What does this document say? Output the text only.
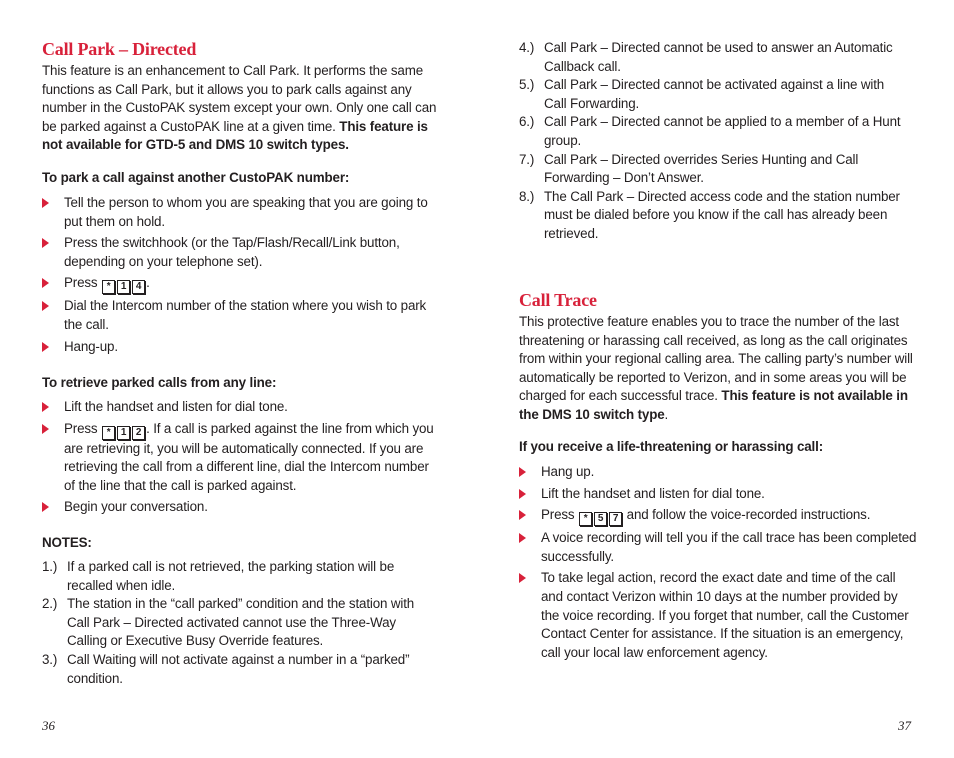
Call Park – Directed

This feature is an enhancement to Call Park. It performs the same functions as Call Park, but it allows you to park calls against any number in the CustoPAK system except your own. Only one call can be parked against a CustoPAK line at a given time. This feature is not available for GTD-5 and DMS 10 switch types.

To park a call against another CustoPAK number:

Tell the person to whom you are speaking that you are going to put them on hold.
Press the switchhook (or the Tap/Flash/Recall/Link button, depending on your telephone set).
Press * 1 4 .
Dial the Intercom number of the station where you wish to park the call.
Hang-up.

To retrieve parked calls from any line:

Lift the handset and listen for dial tone.
Press * 1 2 . If a call is parked against the line from which you are retrieving it, you will be automatically connected. If you are retrieving the call from a different line, dial the Intercom number of the line that the call is parked against.
Begin your conversation.

NOTES:

1.) If a parked call is not retrieved, the parking station will be recalled when idle.
2.) The station in the “call parked” condition and the station with Call Park – Directed activated cannot use the Three-Way Calling or Executive Busy Override features.
3.) Call Waiting will not activate against a number in a “parked” condition.
36
4.) Call Park – Directed cannot be used to answer an Automatic Callback call.
5.) Call Park – Directed cannot be activated against a line with Call Forwarding.
6.) Call Park – Directed cannot be applied to a member of a Hunt group.
7.) Call Park – Directed overrides Series Hunting and Call Forwarding – Don’t Answer.
8.) The Call Park – Directed access code and the station number must be dialed before you know if the call has already been retrieved.
Call Trace

This protective feature enables you to trace the number of the last threatening or harassing call received, as long as the call originates from within your regional calling area. The calling party’s number will automatically be reported to Verizon, and in some areas you will be charged for each successful trace. This feature is not available in the DMS 10 switch type.

If you receive a life-threatening or harassing call:

Hang up.
Lift the handset and listen for dial tone.
Press * 5 7 and follow the voice-recorded instructions.
A voice recording will tell you if the call trace has been completed successfully.
To take legal action, record the exact date and time of the call and contact Verizon within 10 days at the number provided by the voice recording. If you forget that number, call the Customer Contact Center for assistance. If the situation is an emergency, call your local law enforcement agency.
37
